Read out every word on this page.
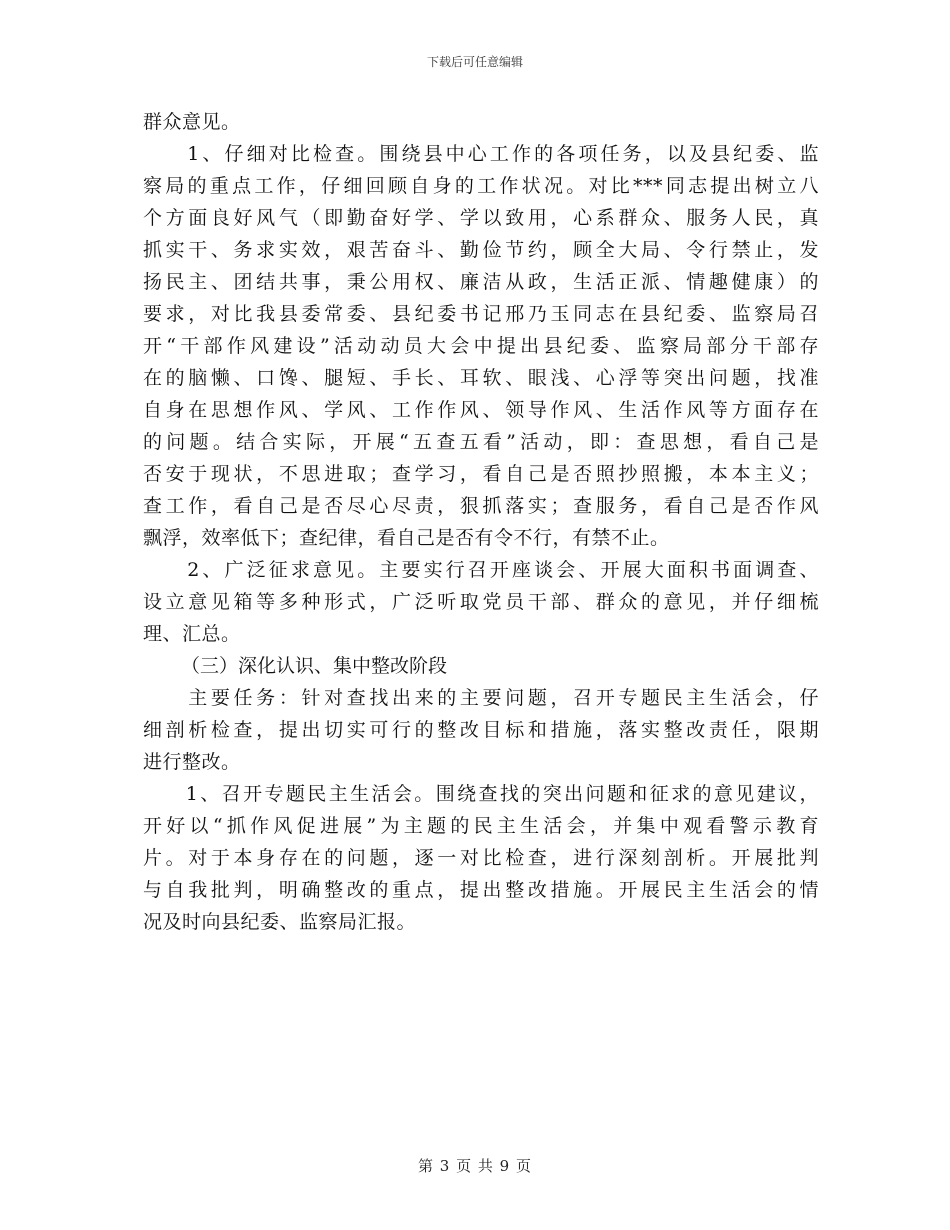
下载后可任意编辑
群众意见。
　　1、仔细对比检查。围绕县中心工作的各项任务，以及县纪委、监
察局的重点工作，仔细回顾自身的工作状况。对比***同志提出树立八
个方面良好风气（即勤奋好学、学以致用，心系群众、服务人民，真
抓实干、务求实效，艰苦奋斗、勤俭节约，顾全大局、令行禁止，发
扬民主、团结共事，秉公用权、廉洁从政，生活正派、情趣健康）的
要求，对比我县委常委、县纪委书记邢乃玉同志在县纪委、监察局召
开“干部作风建设”活动动员大会中提出县纪委、监察局部分干部存
在的脑懒、口馋、腿短、手长、耳软、眼浅、心浮等突出问题，找准
自身在思想作风、学风、工作作风、领导作风、生活作风等方面存在
的问题。结合实际，开展“五查五看”活动，即：查思想，看自己是
否安于现状，不思进取；查学习，看自己是否照抄照搬，本本主义；
查工作，看自己是否尽心尽责，狠抓落实；查服务，看自己是否作风
飘浮，效率低下；查纪律，看自己是否有令不行，有禁不止。
　　2、广泛征求意见。主要实行召开座谈会、开展大面积书面调查、
设立意见箱等多种形式，广泛听取党员干部、群众的意见，并仔细梳
理、汇总。
（三）深化认识、集中整改阶段
　　主要任务：针对查找出来的主要问题，召开专题民主生活会，仔
细剖析检查，提出切实可行的整改目标和措施，落实整改责任，限期
进行整改。
　　1、召开专题民主生活会。围绕查找的突出问题和征求的意见建议，
开好以“抓作风促进展”为主题的民主生活会，并集中观看警示教育
片。对于本身存在的问题，逐一对比检查，进行深刻剖析。开展批判
与自我批判，明确整改的重点，提出整改措施。开展民主生活会的情
况及时向县纪委、监察局汇报。
第 3 页 共 9 页
